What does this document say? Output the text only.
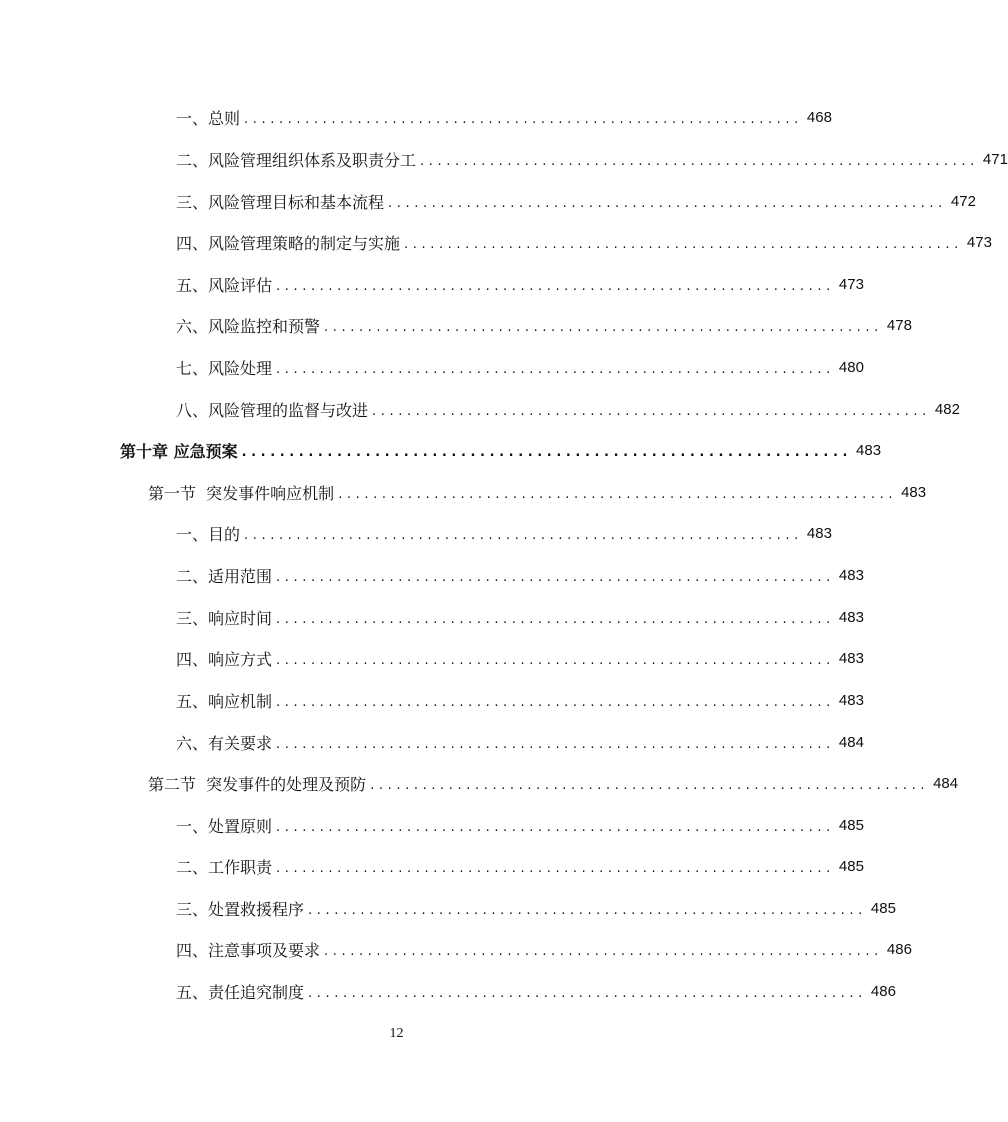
一、总则 ................................................................ 468
二、风险管理组织体系及职责分工 ................................................................ 471
三、风险管理目标和基本流程 ................................................................ 472
四、风险管理策略的制定与实施 ................................................................ 473
五、风险评估 ................................................................ 473
六、风险监控和预警 ................................................................ 478
七、风险处理 ................................................................ 480
八、风险管理的监督与改进 ................................................................ 482
第十章 应急预案 ................................................................ 483
第一节  突发事件响应机制 ................................................................ 483
一、目的 ................................................................ 483
二、适用范围 ................................................................ 483
三、响应时间 ................................................................ 483
四、响应方式 ................................................................ 483
五、响应机制 ................................................................ 483
六、有关要求 ................................................................ 484
第二节  突发事件的处理及预防 ................................................................ 484
一、处置原则 ................................................................ 485
二、工作职责 ................................................................ 485
三、处置救援程序 ................................................................ 485
四、注意事项及要求 ................................................................ 486
五、责任追究制度 ................................................................ 486
12
